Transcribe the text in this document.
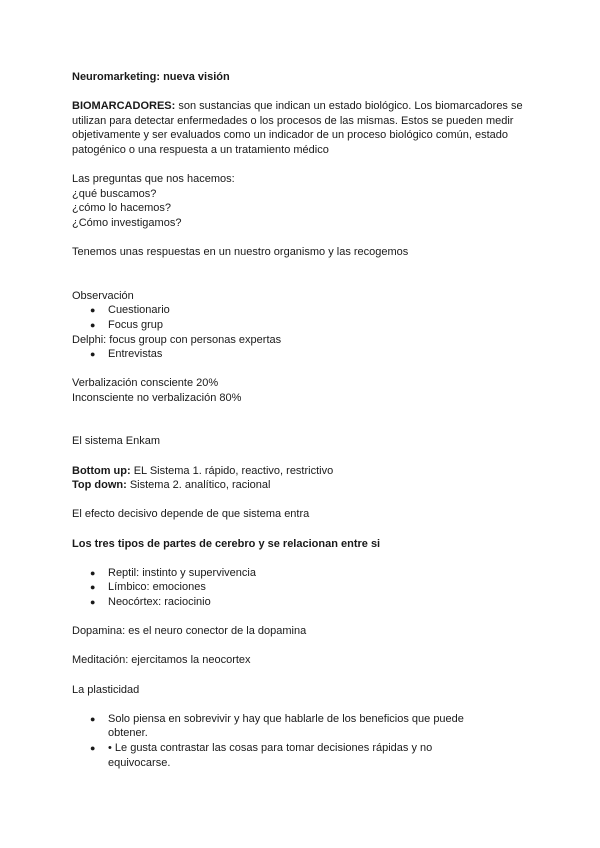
Neuromarketing: nueva visión

BIOMARCADORES: son sustancias que indican un estado biológico. Los biomarcadores se utilizan para detectar enfermedades o los procesos de las mismas. Estos se pueden medir objetivamente y ser evaluados como un indicador de un proceso biológico común, estado patogénico o una respuesta a un tratamiento médico

Las preguntas que nos hacemos:

¿qué buscamos?

¿cómo lo hacemos?

¿Cómo investigamos?

Tenemos unas respuestas en un nuestro organismo y las recogemos

Observación

● Cuestionario
● Focus grup

Delphi: focus group con personas expertas

● Entrevistas

Verbalización consciente 20%

Inconsciente no verbalización 80%

El sistema Enkam

Bottom up: EL Sistema 1. rápido, reactivo, restrictivo

Top down: Sistema 2. analítico, racional

El efecto decisivo depende de que sistema entra

Los tres tipos de partes de cerebro y se relacionan entre si

● Reptil: instinto y supervivencia
● Límbico: emociones
● Neocórtex: raciocinio

Dopamina: es el neuro conector de la dopamina

Meditación: ejercitamos la neocortex

La plasticidad

● Solo piensa en sobrevivir y hay que hablarle de los beneficios que puede obtener.
● • Le gusta contrastar las cosas para tomar decisiones rápidas y no equivocarse.
